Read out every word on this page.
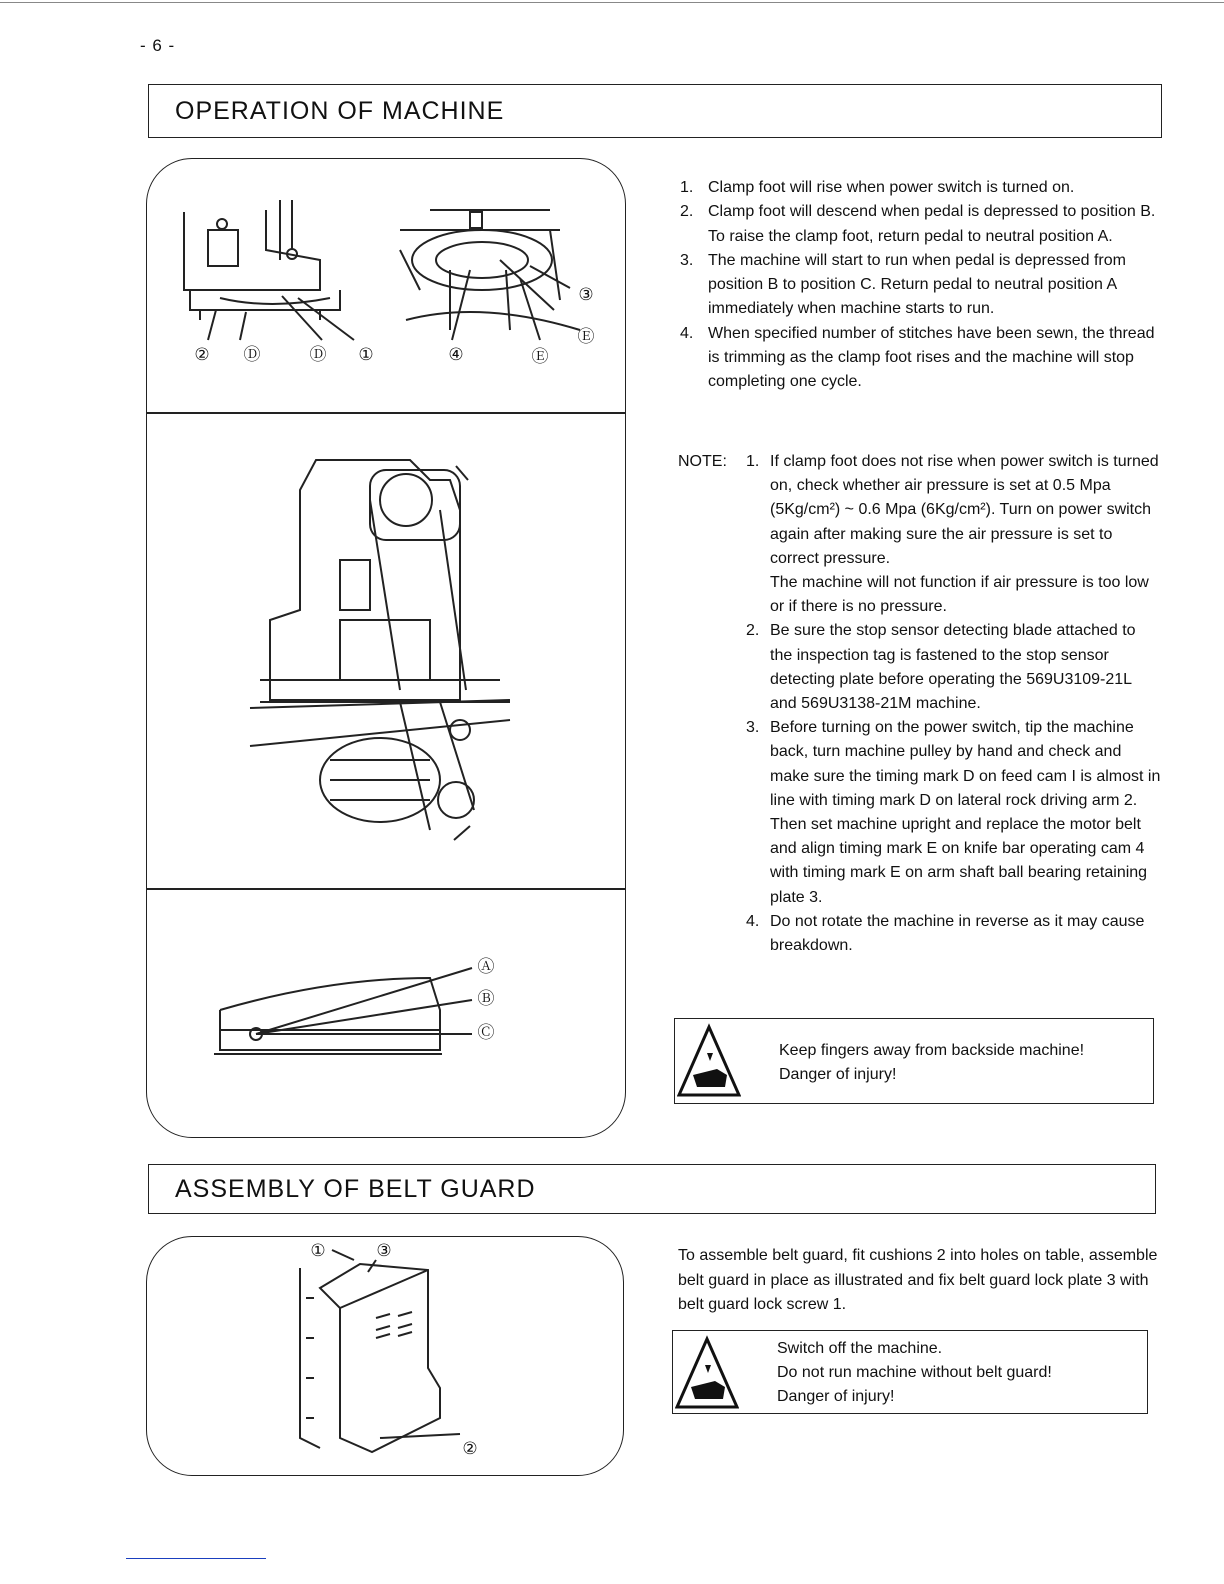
- 6 -
OPERATION OF MACHINE
② Ⓓ	Ⓓ ①	④	Ⓔ
③
Ⓔ
Ⓐ
Ⓑ
Ⓒ
1. Clamp foot will rise when power switch is turned on.
2. Clamp foot will descend when pedal is depressed to position B. To raise the clamp foot, return pedal to neutral position A.
3. The machine will start to run when pedal is depressed from position B to position C. Return pedal to neutral position A immediately when machine starts to run.
4. When specified number of stitches have been sewn, the thread is trimming as the clamp foot rises and the machine will stop completing one cycle.
NOTE: 1. If clamp foot does not rise when power switch is turned on, check whether air pressure is set at 0.5 Mpa (5Kg/cm²) ~ 0.6 Mpa (6Kg/cm²). Turn on power switch again after making sure the air pressure is set to correct pressure.
The machine will not function if air pressure is too low or if there is no pressure.
2. Be sure the stop sensor detecting blade attached to the inspection tag is fastened to the stop sensor detecting plate before operating the 569U3109-21L and 569U3138-21M machine.
3. Before turning on the power switch, tip the machine back, turn machine pulley by hand and check and make sure the timing mark D on feed cam I is almost in line with timing mark D on lateral rock driving arm 2. Then set machine upright and replace the motor belt and align timing mark E on knife bar operating cam 4 with timing mark E on arm shaft ball bearing retaining plate 3.
4. Do not rotate the machine in reverse as it may cause breakdown.
Keep fingers away from backside machine!
Danger of injury!
ASSEMBLY OF BELT GUARD
①	③
②
To assemble belt guard, fit cushions 2 into holes on table, assemble belt guard in place as illustrated and fix belt guard lock plate 3 with belt guard lock screw 1.
Switch off the machine.
Do not run machine without belt guard!
Danger of injury!
